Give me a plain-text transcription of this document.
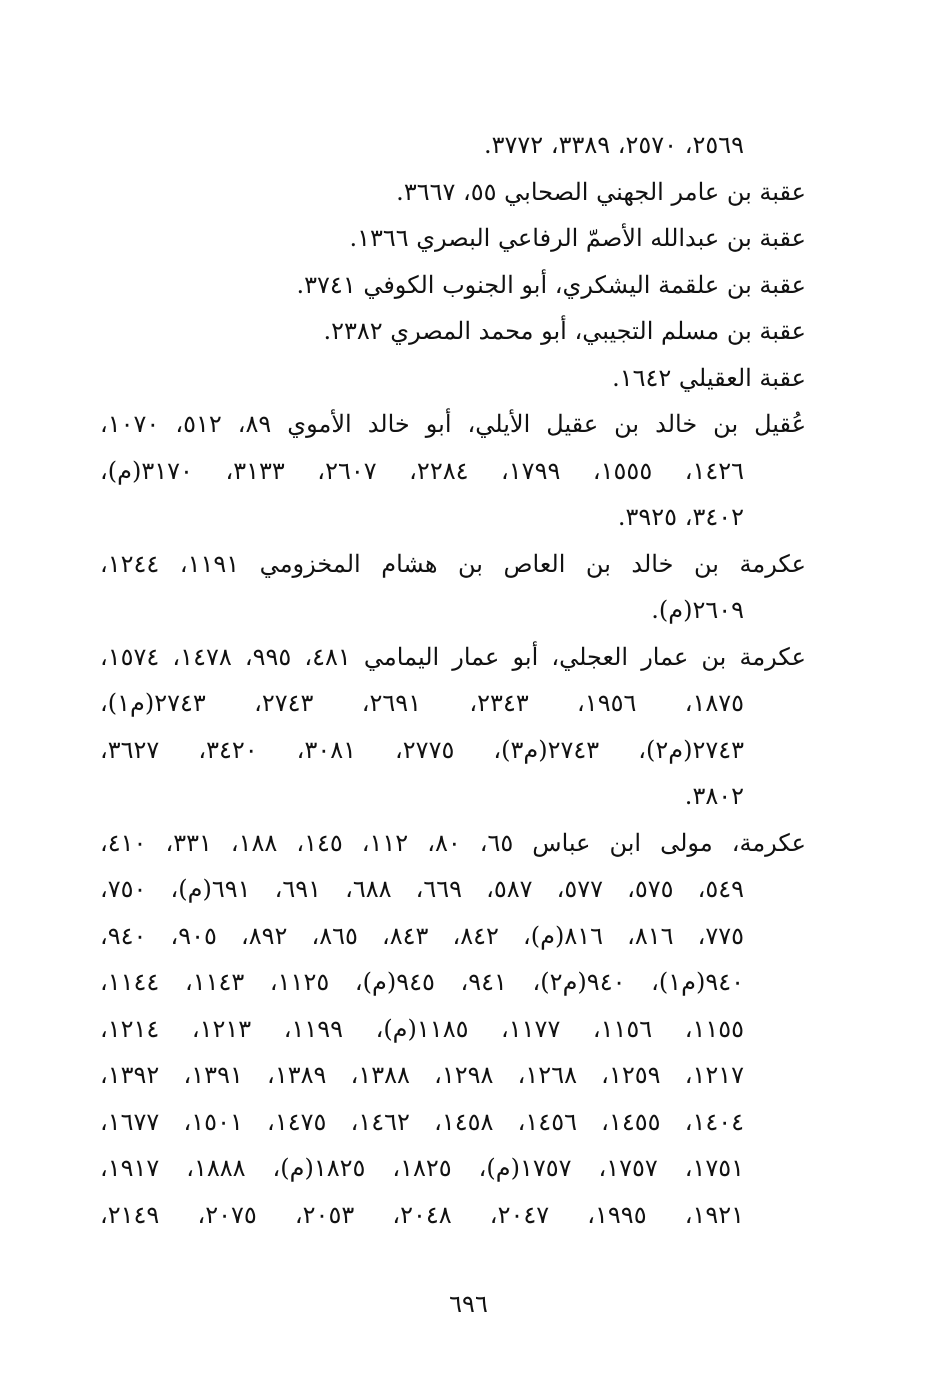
٢٥٦٩، ٢٥٧٠، ٣٣٨٩، ٣٧٧٢.
عقبة بن عامر الجهني الصحابي ٥٥، ٣٦٦٧.
عقبة بن عبدالله الأصمّ الرفاعي البصري ١٣٦٦.
عقبة بن علقمة اليشكري، أبو الجنوب الكوفي ٣٧٤١.
عقبة بن مسلم التجيبي، أبو محمد المصري ٢٣٨٢.
عقبة العقيلي ١٦٤٢.
عُقيل بن خالد بن عقيل الأيلي، أبو خالد الأموي ٨٩، ٥١٢، ١٠٧٠،
١٤٢٦، ١٥٥٥، ١٧٩٩، ٢٢٨٤، ٢٦٠٧، ٣١٣٣، ٣١٧٠(م)،
٣٤٠٢، ٣٩٢٥.
عكرمة بن خالد بن العاص بن هشام المخزومي ١١٩١، ١٢٤٤،
٢٦٠٩(م).
عكرمة بن عمار العجلي، أبو عمار اليمامي ٤٨١، ٩٩٥، ١٤٧٨، ١٥٧٤،
١٨٧٥، ١٩٥٦، ٢٣٤٣، ٢٦٩١، ٢٧٤٣، ٢٧٤٣(م١)،
٢٧٤٣(م٢)، ٢٧٤٣(م٣)، ٢٧٧٥، ٣٠٨١، ٣٤٢٠، ٣٦٢٧،
٣٨٠٢.
عكرمة، مولى ابن عباس ٦٥، ٨٠، ١١٢، ١٤٥، ١٨٨، ٣٣١، ٤١٠،
٥٤٩، ٥٧٥، ٥٧٧، ٥٨٧، ٦٦٩، ٦٨٨، ٦٩١، ٦٩١(م)، ٧٥٠،
٧٧٥، ٨١٦، ٨١٦(م)، ٨٤٢، ٨٤٣، ٨٦٥، ٨٩٢، ٩٠٥، ٩٤٠،
٩٤٠(م١)، ٩٤٠(م٢)، ٩٤١، ٩٤٥(م)، ١١٢٥، ١١٤٣، ١١٤٤،
١١٥٥، ١١٥٦، ١١٧٧، ١١٨٥(م)، ١١٩٩، ١٢١٣، ١٢١٤،
١٢١٧، ١٢٥٩، ١٢٦٨، ١٢٩٨، ١٣٨٨، ١٣٨٩، ١٣٩١، ١٣٩٢،
١٤٠٤، ١٤٥٥، ١٤٥٦، ١٤٥٨، ١٤٦٢، ١٤٧٥، ١٥٠١، ١٦٧٧،
١٧٥١، ١٧٥٧، ١٧٥٧(م)، ١٨٢٥، ١٨٢٥(م)، ١٨٨٨، ١٩١٧،
١٩٢١، ١٩٩٥، ٢٠٤٧، ٢٠٤٨، ٢٠٥٣، ٢٠٧٥، ٢١٤٩،
٦٩٦
